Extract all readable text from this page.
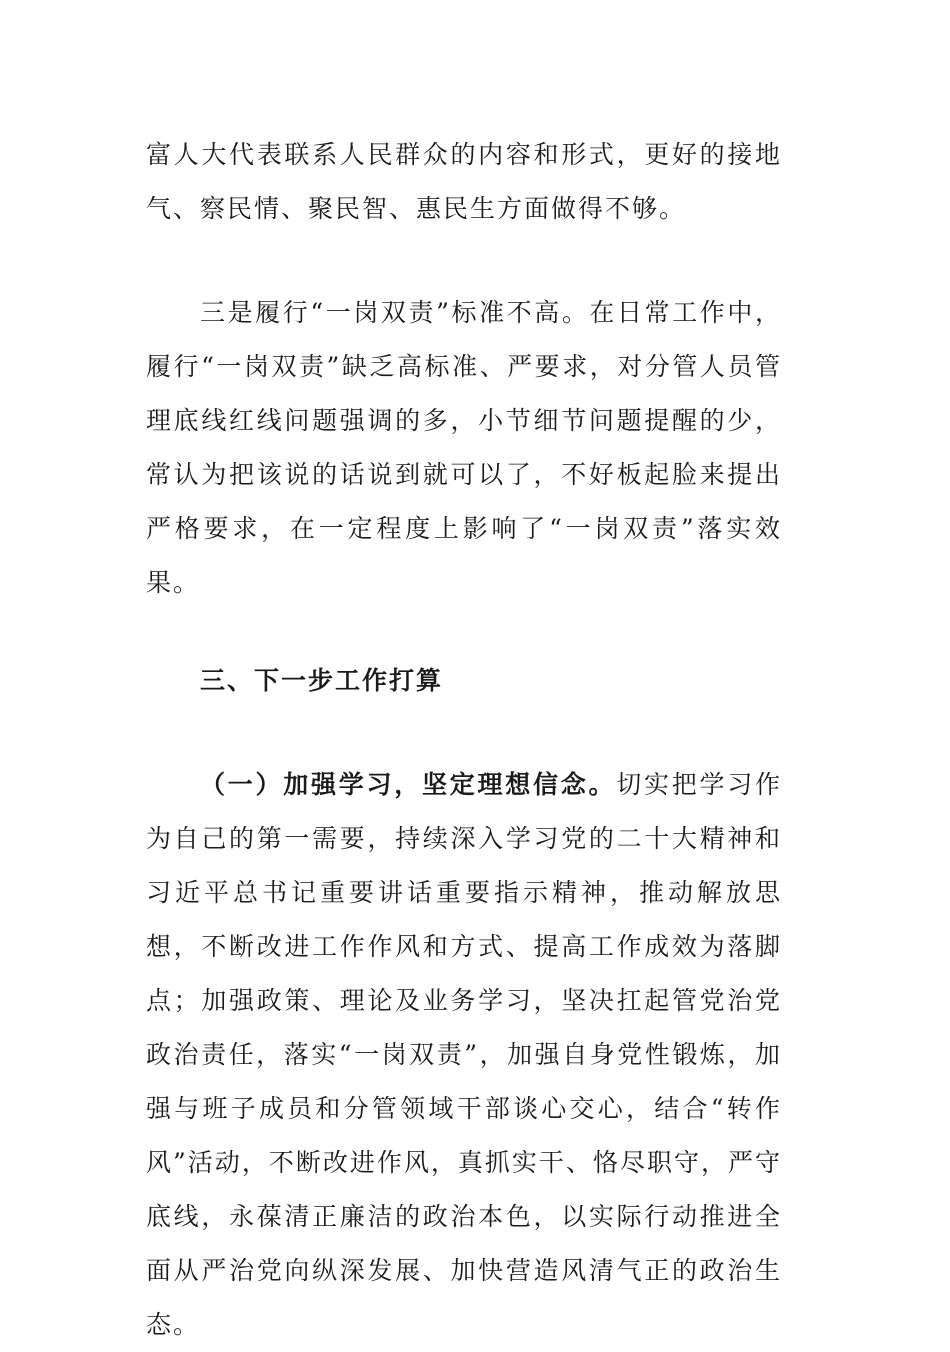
富人大代表联系人民群众的内容和形式，更好的接地气、察民情、聚民智、惠民生方面做得不够。

三是履行“一岗双责”标准不高。在日常工作中，履行“一岗双责”缺乏高标准、严要求，对分管人员管理底线红线问题强调的多，小节细节问题提醒的少，常认为把该说的话说到就可以了，不好板起脸来提出严格要求，在一定程度上影响了“一岗双责”落实效果。

三、下一步工作打算

（一）加强学习，坚定理想信念。切实把学习作为自己的第一需要，持续深入学习党的二十大精神和习近平总书记重要讲话重要指示精神，推动解放思想，不断改进工作作风和方式、提高工作成效为落脚点；加强政策、理论及业务学习，坚决扛起管党治党政治责任，落实“一岗双责”，加强自身党性锻炼，加强与班子成员和分管领域干部谈心交心，结合“转作风”活动，不断改进作风，真抓实干、恪尽职守，严守底线，永葆清正廉洁的政治本色，以实际行动推进全面从严治党向纵深发展、加快营造风清气正的政治生态。
